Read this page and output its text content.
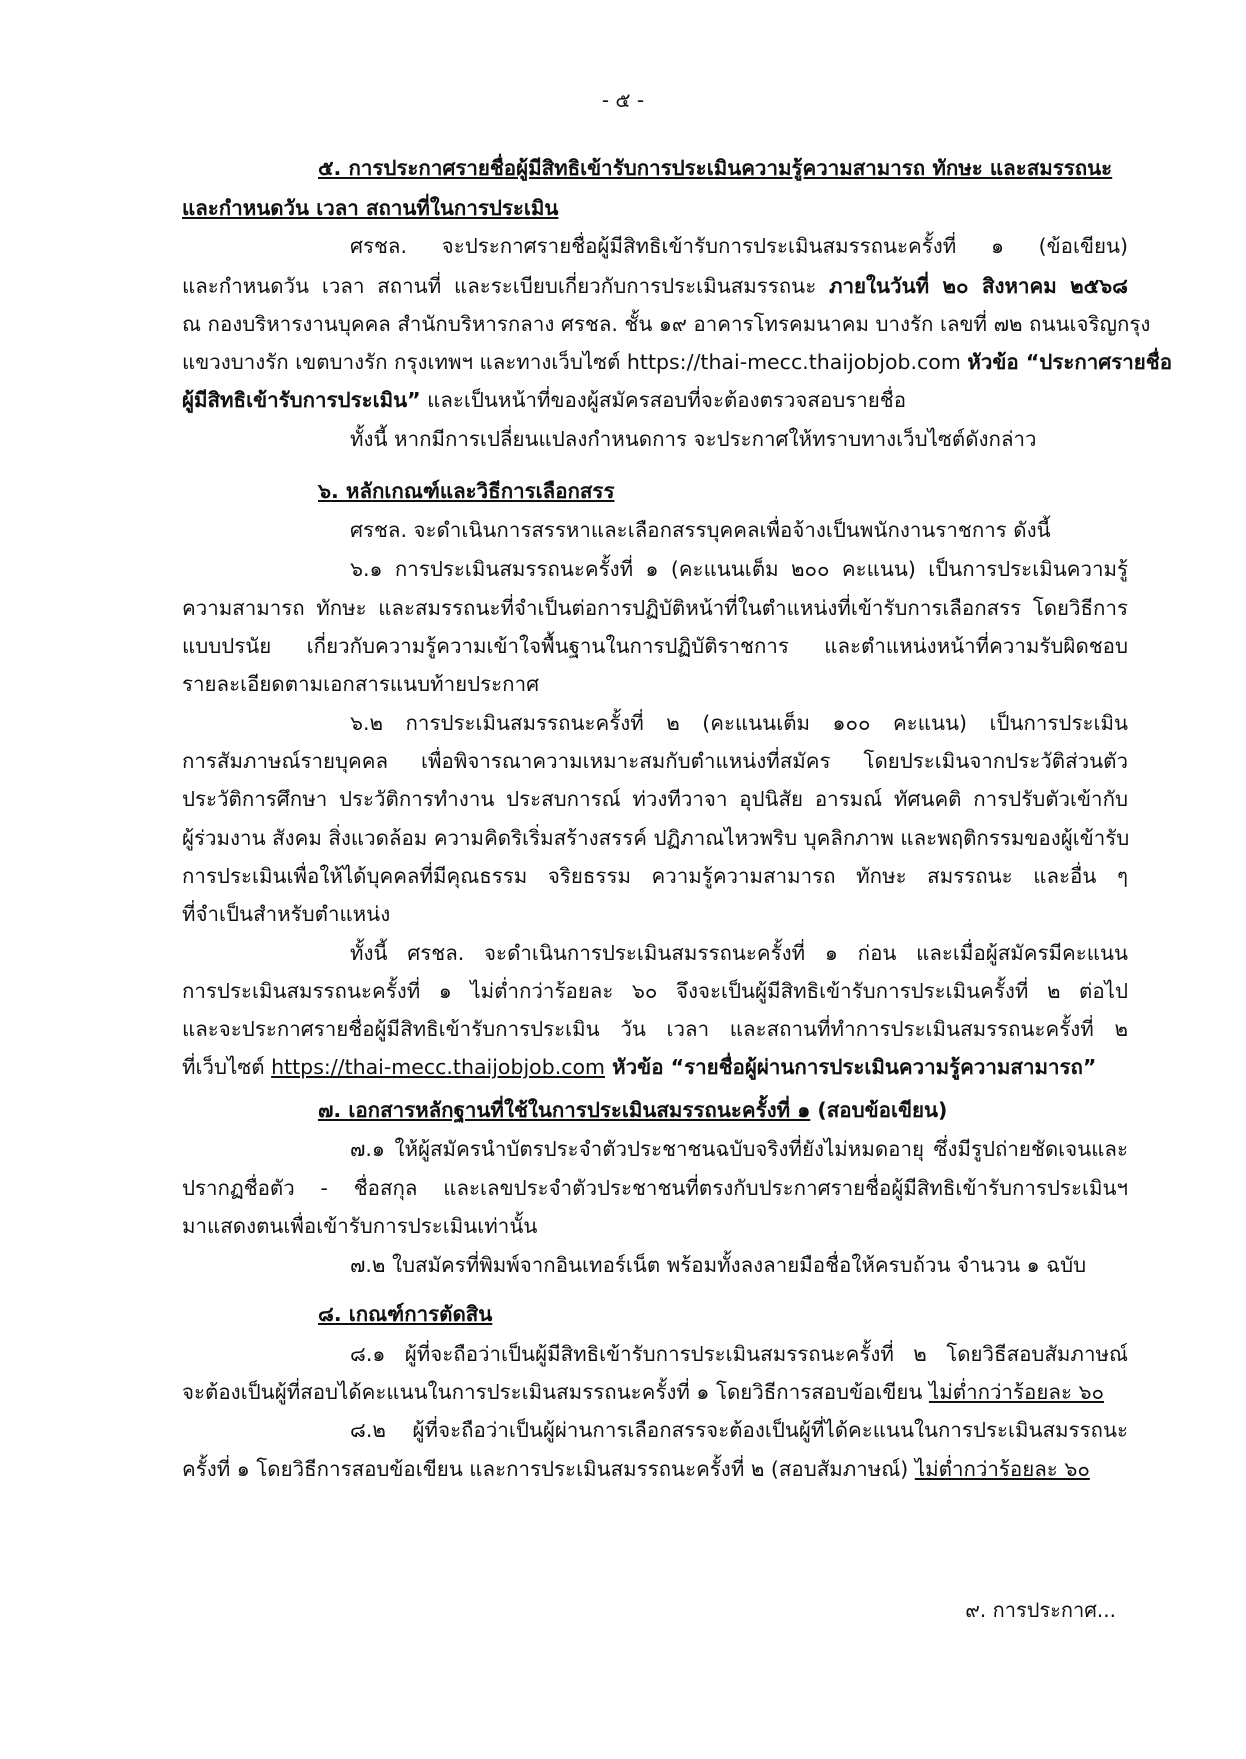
- ๕ -
๕. การประกาศรายชื่อผู้มีสิทธิเข้ารับการประเมินความรู้ความสามารถ ทักษะ และสมรรถนะ
และกำหนดวัน เวลา สถานที่ในการประเมิน
ศรชล. จะประกาศรายชื่อผู้มีสิทธิเข้ารับการประเมินสมรรถนะครั้งที่ ๑ (ข้อเขียน)
และกำหนดวัน เวลา สถานที่ และระเบียบเกี่ยวกับการประเมินสมรรถนะ ภายในวันที่ ๒๐ สิงหาคม ๒๕๖๘
ณ กองบริหารงานบุคคล สำนักบริหารกลาง ศรชล. ชั้น ๑๙ อาคารโทรคมนาคม บางรัก เลขที่ ๗๒ ถนนเจริญกรุง
แขวงบางรัก เขตบางรัก กรุงเทพฯ และทางเว็บไซต์ https://thai-mecc.thaijobjob.com หัวข้อ “ประกาศรายชื่อ
ผู้มีสิทธิเข้ารับการประเมิน” และเป็นหน้าที่ของผู้สมัครสอบที่จะต้องตรวจสอบรายชื่อ
ทั้งนี้ หากมีการเปลี่ยนแปลงกำหนดการ จะประกาศให้ทราบทางเว็บไซต์ดังกล่าว
๖. หลักเกณฑ์และวิธีการเลือกสรร
ศรชล. จะดำเนินการสรรหาและเลือกสรรบุคคลเพื่อจ้างเป็นพนักงานราชการ ดังนี้
๖.๑ การประเมินสมรรถนะครั้งที่ ๑ (คะแนนเต็ม ๒๐๐ คะแนน) เป็นการประเมินความรู้
ความสามารถ ทักษะ และสมรรถนะที่จำเป็นต่อการปฏิบัติหน้าที่ในตำแหน่งที่เข้ารับการเลือกสรร โดยวิธีการ
แบบปรนัย เกี่ยวกับความรู้ความเข้าใจพื้นฐานในการปฏิบัติราชการ และตำแหน่งหน้าที่ความรับผิดชอบ
รายละเอียดตามเอกสารแนบท้ายประกาศ
๖.๒ การประเมินสมรรถนะครั้งที่ ๒ (คะแนนเต็ม ๑๐๐ คะแนน) เป็นการประเมิน
การสัมภาษณ์รายบุคคล เพื่อพิจารณาความเหมาะสมกับตำแหน่งที่สมัคร โดยประเมินจากประวัติส่วนตัว
ประวัติการศึกษา ประวัติการทำงาน ประสบการณ์ ท่วงทีวาจา อุปนิสัย อารมณ์ ทัศนคติ การปรับตัวเข้ากับ
ผู้ร่วมงาน สังคม สิ่งแวดล้อม ความคิดริเริ่มสร้างสรรค์ ปฏิภาณไหวพริบ บุคลิกภาพ และพฤติกรรมของผู้เข้ารับ
การประเมินเพื่อให้ได้บุคคลที่มีคุณธรรม จริยธรรม ความรู้ความสามารถ ทักษะ สมรรถนะ และอื่น ๆ
ที่จำเป็นสำหรับตำแหน่ง
ทั้งนี้ ศรชล. จะดำเนินการประเมินสมรรถนะครั้งที่ ๑ ก่อน และเมื่อผู้สมัครมีคะแนน
การประเมินสมรรถนะครั้งที่ ๑ ไม่ต่ำกว่าร้อยละ ๖๐ จึงจะเป็นผู้มีสิทธิเข้ารับการประเมินครั้งที่ ๒ ต่อไป
และจะประกาศรายชื่อผู้มีสิทธิเข้ารับการประเมิน วัน เวลา และสถานที่ทำการประเมินสมรรถนะครั้งที่ ๒
ที่เว็บไซต์ https://thai-mecc.thaijobjob.com หัวข้อ “รายชื่อผู้ผ่านการประเมินความรู้ความสามารถ”
๗. เอกสารหลักฐานที่ใช้ในการประเมินสมรรถนะครั้งที่ ๑ (สอบข้อเขียน)
๗.๑ ให้ผู้สมัครนำบัตรประจำตัวประชาชนฉบับจริงที่ยังไม่หมดอายุ ซึ่งมีรูปถ่ายชัดเจนและ
ปรากฏชื่อตัว - ชื่อสกุล และเลขประจำตัวประชาชนที่ตรงกับประกาศรายชื่อผู้มีสิทธิเข้ารับการประเมินฯ
มาแสดงตนเพื่อเข้ารับการประเมินเท่านั้น
๗.๒ ใบสมัครที่พิมพ์จากอินเทอร์เน็ต พร้อมทั้งลงลายมือชื่อให้ครบถ้วน จำนวน ๑ ฉบับ
๘. เกณฑ์การตัดสิน
๘.๑ ผู้ที่จะถือว่าเป็นผู้มีสิทธิเข้ารับการประเมินสมรรถนะครั้งที่ ๒ โดยวิธีสอบสัมภาษณ์
จะต้องเป็นผู้ที่สอบได้คะแนนในการประเมินสมรรถนะครั้งที่ ๑ โดยวิธีการสอบข้อเขียน ไม่ต่ำกว่าร้อยละ ๖๐
๘.๒ ผู้ที่จะถือว่าเป็นผู้ผ่านการเลือกสรรจะต้องเป็นผู้ที่ได้คะแนนในการประเมินสมรรถนะ
ครั้งที่ ๑ โดยวิธีการสอบข้อเขียน และการประเมินสมรรถนะครั้งที่ ๒ (สอบสัมภาษณ์) ไม่ต่ำกว่าร้อยละ ๖๐
๙. การประกาศ...
